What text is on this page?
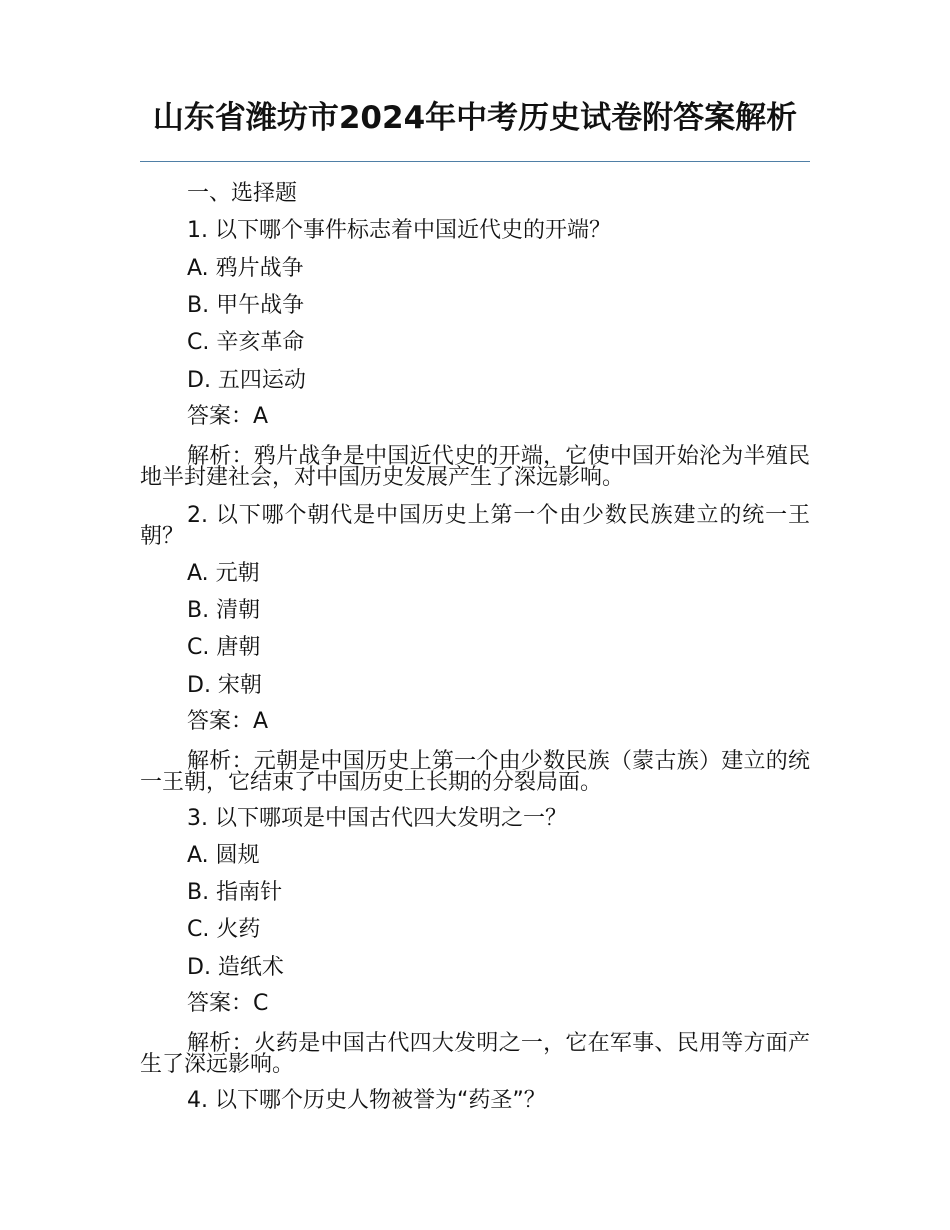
山东省潍坊市2024年中考历史试卷附答案解析
一、选择题
1. 以下哪个事件标志着中国近代史的开端？
A. 鸦片战争
B. 甲午战争
C. 辛亥革命
D. 五四运动
答案：A
解析：鸦片战争是中国近代史的开端，它使中国开始沦为半殖民地半封建社会，对中国历史发展产生了深远影响。
2. 以下哪个朝代是中国历史上第一个由少数民族建立的统一王朝？
A. 元朝
B. 清朝
C. 唐朝
D. 宋朝
答案：A
解析：元朝是中国历史上第一个由少数民族（蒙古族）建立的统一王朝，它结束了中国历史上长期的分裂局面。
3. 以下哪项是中国古代四大发明之一？
A. 圆规
B. 指南针
C. 火药
D. 造纸术
答案：C
解析：火药是中国古代四大发明之一，它在军事、民用等方面产生了深远影响。
4. 以下哪个历史人物被誉为“药圣”？
